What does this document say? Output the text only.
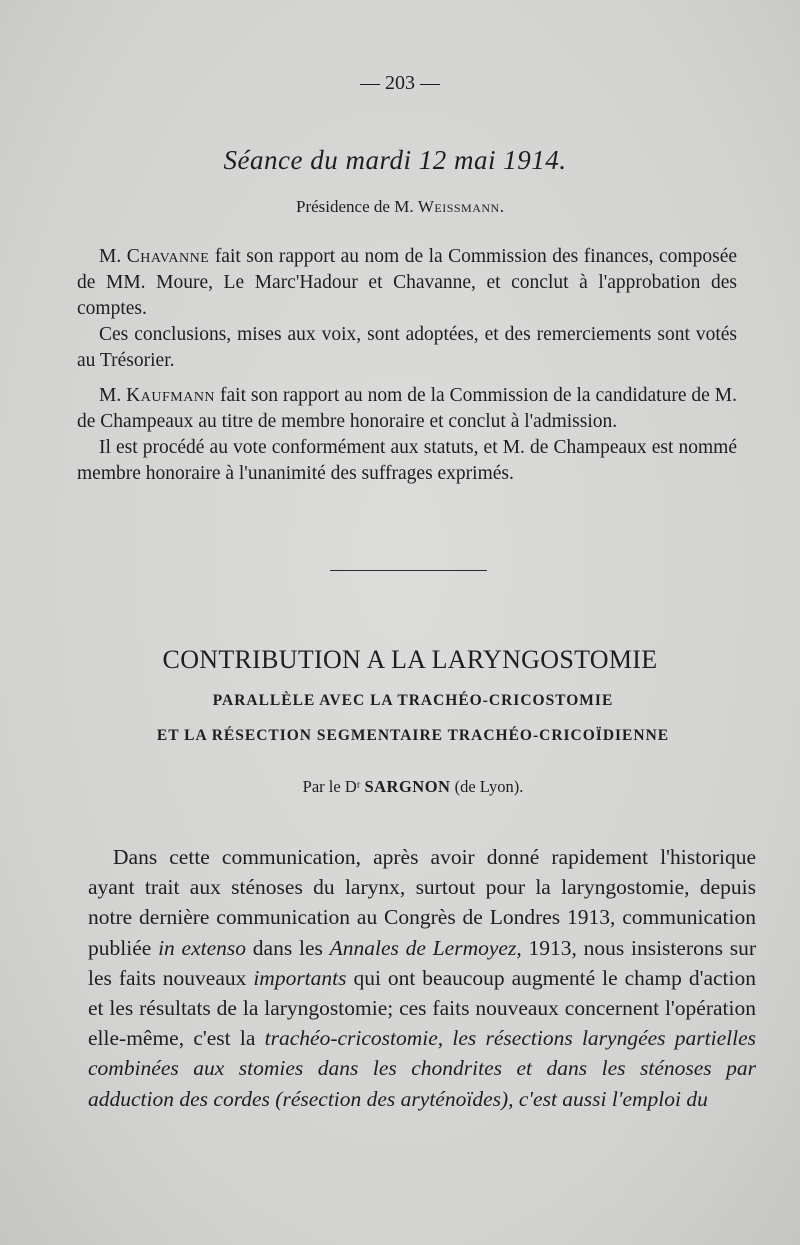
— 203 —
Séance du mardi 12 mai 1914.
Présidence de M. Weissmann.

M. Chavanne fait son rapport au nom de la Commission des finances, composée de MM. Moure, Le Marc'Hadour et Chavanne, et conclut à l'approbation des comptes.

Ces conclusions, mises aux voix, sont adoptées, et des remerciements sont votés au Trésorier.

M. Kaufmann fait son rapport au nom de la Commission de la candidature de M. de Champeaux au titre de membre honoraire et conclut à l'admission.

Il est procédé au vote conformément aux statuts, et M. de Champeaux est nommé membre honoraire à l'unanimité des suffrages exprimés.

CONTRIBUTION A LA LARYNGOSTOMIE
PARALLÈLE AVEC LA TRACHÉO-CRICOSTOMIE
ET LA RÉSECTION SEGMENTAIRE TRACHÉO-CRICOÏDIENNE
Par le Dʳ SARGNON (de Lyon).

Dans cette communication, après avoir donné rapidement l'historique ayant trait aux sténoses du larynx, surtout pour la laryngostomie, depuis notre dernière communication au Congrès de Londres 1913, communication publiée in extenso dans les Annales de Lermoyez, 1913, nous insisterons sur les faits nouveaux importants qui ont beaucoup augmenté le champ d'action et les résultats de la laryngostomie; ces faits nouveaux concernent l'opération elle-même, c'est la trachéo-cricostomie, les résections laryngées partielles combinées aux stomies dans les chondrites et dans les sténoses par adduction des cordes (résection des aryténoïdes), c'est aussi l'emploi du
